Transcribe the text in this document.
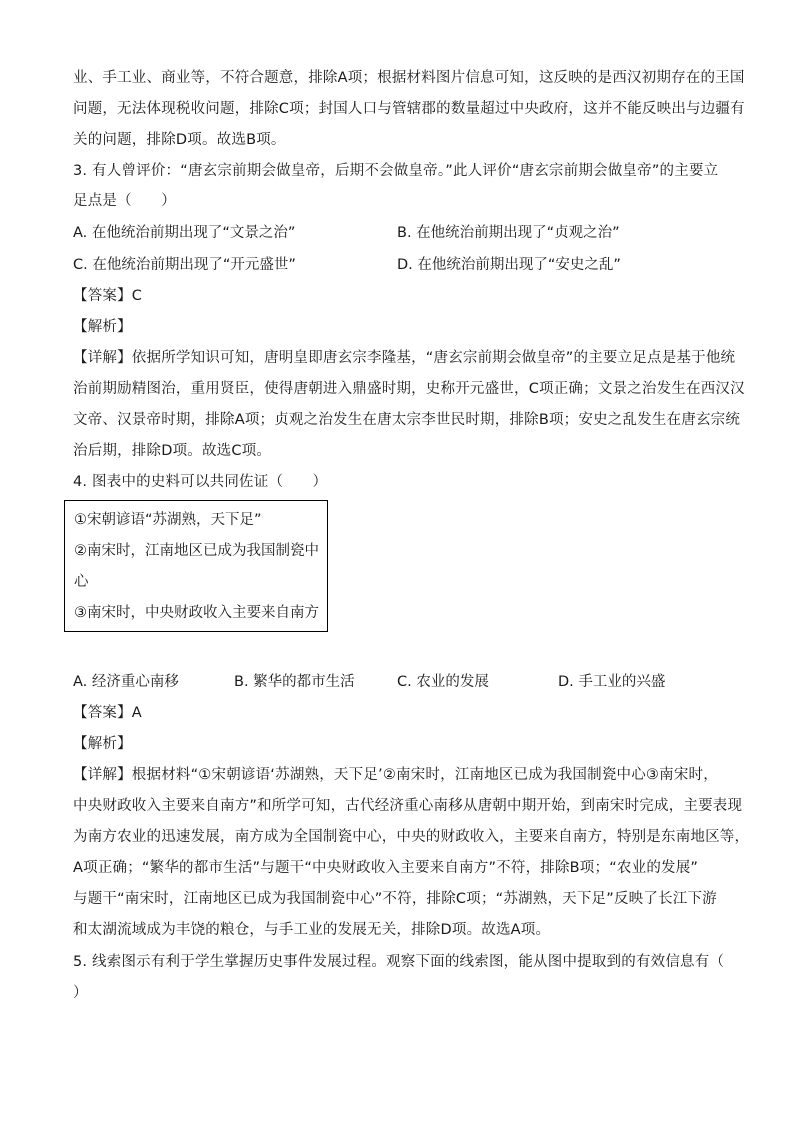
业、手工业、商业等，不符合题意，排除A项；根据材料图片信息可知，这反映的是西汉初期存在的王国
问题，无法体现税收问题，排除C项；封国人口与管辖郡的数量超过中央政府，这并不能反映出与边疆有
关的问题，排除D项。故选B项。
3. 有人曾评价：“唐玄宗前期会做皇帝，后期不会做皇帝。”此人评价“唐玄宗前期会做皇帝”的主要立
足点是（　　）
A. 在他统治前期出现了“文景之治”	B. 在他统治前期出现了“贞观之治”
C. 在他统治前期出现了“开元盛世”	D. 在他统治前期出现了“安史之乱”
【答案】C
【解析】
【详解】依据所学知识可知，唐明皇即唐玄宗李隆基，“唐玄宗前期会做皇帝”的主要立足点是基于他统
治前期励精图治，重用贤臣，使得唐朝进入鼎盛时期，史称开元盛世，C项正确；文景之治发生在西汉汉
文帝、汉景帝时期，排除A项；贞观之治发生在唐太宗李世民时期，排除B项；安史之乱发生在唐玄宗统
治后期，排除D项。故选C项。
4. 图表中的史料可以共同佐证（　　）
①宋朝谚语“苏湖熟，天下足”
②南宋时，江南地区已成为我国制瓷中
心
③南宋时，中央财政收入主要来自南方
A. 经济重心南移	B. 繁华的都市生活	C. 农业的发展	D. 手工业的兴盛
【答案】A
【解析】
【详解】根据材料“①宋朝谚语‘苏湖熟，天下足’②南宋时，江南地区已成为我国制瓷中心③南宋时，
中央财政收入主要来自南方”和所学可知，古代经济重心南移从唐朝中期开始，到南宋时完成，主要表现
为南方农业的迅速发展，南方成为全国制瓷中心，中央的财政收入，主要来自南方，特别是东南地区等，
A项正确；“繁华的都市生活”与题干“中央财政收入主要来自南方”不符，排除B项；“农业的发展”
与题干“南宋时，江南地区已成为我国制瓷中心”不符，排除C项；“苏湖熟，天下足”反映了长江下游
和太湖流域成为丰饶的粮仓，与手工业的发展无关，排除D项。故选A项。
5. 线索图示有利于学生掌握历史事件发展过程。观察下面的线索图，能从图中提取到的有效信息有（
）
